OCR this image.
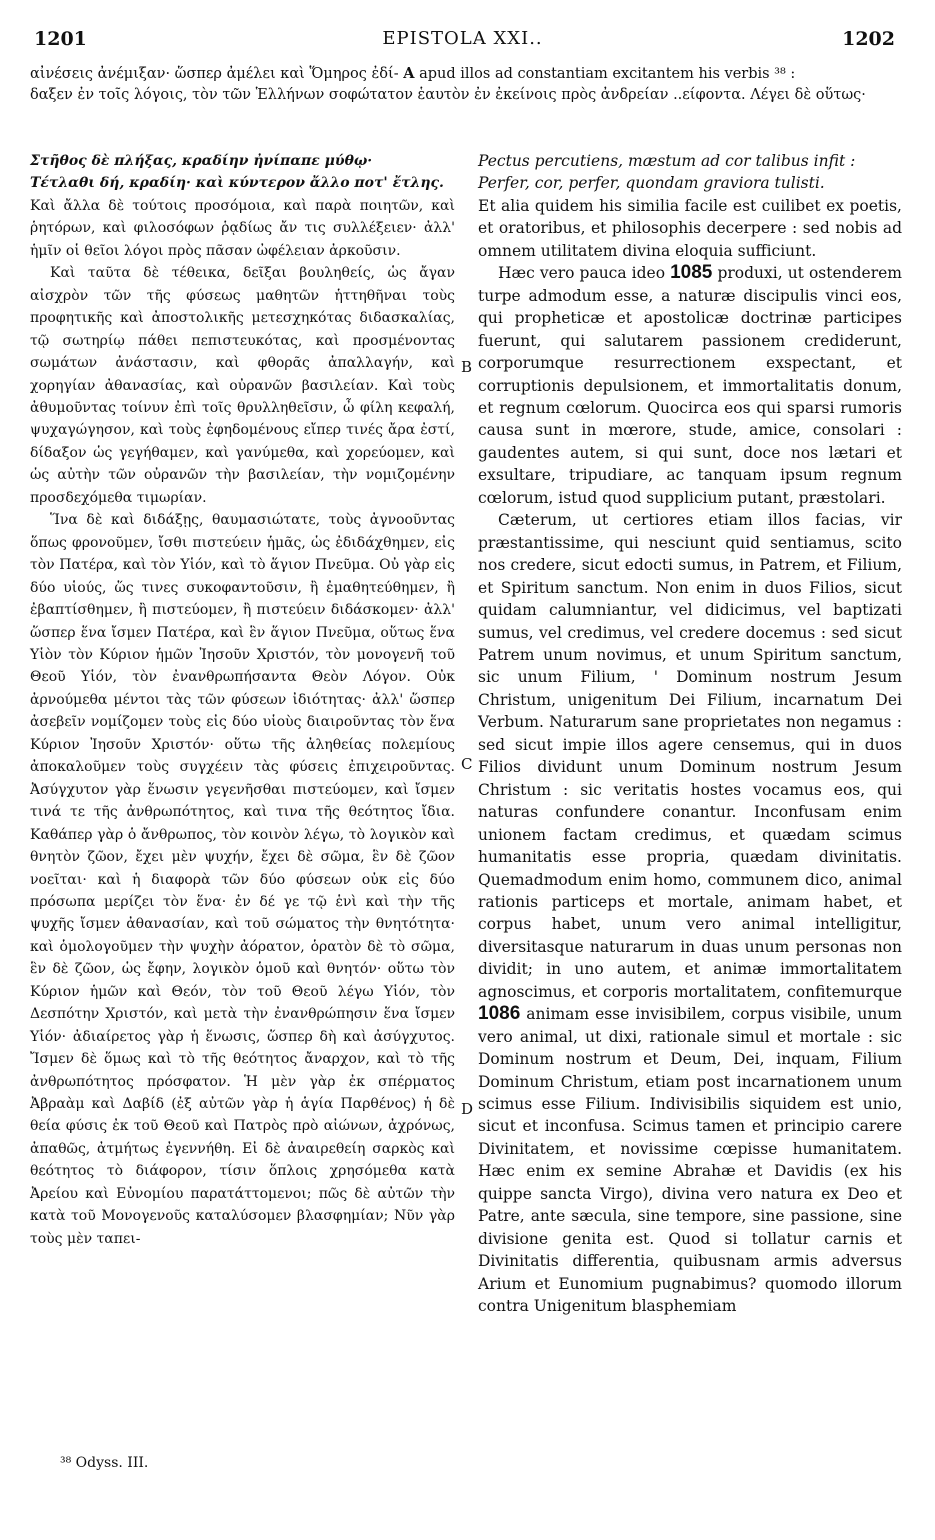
1201	EPISTOLA XXI..	1202
αἰνέσεις ἀνέμιξαν· ὥσπερ ἀμέλει καὶ Ὅμηρος ἐδί- A apud illos ad constantiam excitantem his verbis ³⁸ :
δαξεν ἐν τοῖς λόγοις, τὸν τῶν Ἑλλήνων σοφώτατον ἑαυτὸν ἐν ἐκείνοις πρὸς ἀνδρείαν ..είφοντα. Λέγει δὲ οὕτως·

Στῆθος δὲ πλήξας, κραδίην ἠνίπαπε μύθῳ·

Τέτλαθι δή, κραδίη· καὶ κύντερον ἄλλο ποτ' ἔτλης.

Καὶ ἄλλα δὲ τούτοις προσόμοια, καὶ παρὰ ποιητῶν, καὶ ῥητόρων, καὶ φιλοσόφων ῥᾳδίως ἄν τις συλλέξειεν· ἀλλ' ἡμῖν οἱ θεῖοι λόγοι πρὸς πᾶσαν ὠφέλειαν ἀρκοῦσιν.

Καὶ ταῦτα δὲ τέθεικα, δεῖξαι βουληθείς, ὡς ἄγαν αἰσχρὸν τῶν τῆς φύσεως μαθητῶν ἡττηθῆναι τοὺς προφητικῆς καὶ ἀποστολικῆς μετεσχηκότας διδασκαλίας, τῷ σωτηρίῳ πάθει πεπιστευκότας, καὶ προσμένοντας σωμάτων ἀνάστασιν, καὶ φθορᾶς ἀπαλλαγήν, καὶ χορηγίαν ἀθανασίας, καὶ οὐρανῶν βασιλείαν. Καὶ τοὺς ἀθυμοῦντας τοίνυν ἐπὶ τοῖς θρυλληθεῖσιν, ὦ φίλη κεφαλή, ψυχαγώγησον, καὶ τοὺς ἐφηδομένους εἴπερ τινές ἄρα ἐστί, δίδαξον ὡς γεγήθαμεν, καὶ γανύμεθα, καὶ χορεύομεν, καὶ ὡς αὐτὴν τῶν οὐρανῶν τὴν βασιλείαν, τὴν νομιζομένην προσδεχόμεθα τιμωρίαν.

Ἵνα δὲ καὶ διδάξῃς, θαυμασιώτατε, τοὺς ἀγνοοῦντας ὅπως φρονοῦμεν, ἴσθι πιστεύειν ἡμᾶς, ὡς ἐδιδάχθημεν, εἰς τὸν Πατέρα, καὶ τὸν Υἱόν, καὶ τὸ ἅγιον Πνεῦμα. Οὐ γὰρ εἰς δύο υἱούς, ὥς τινες συκοφαντοῦσιν, ἢ ἐμαθητεύθημεν, ἢ ἐβαπτίσθημεν, ἢ πιστεύομεν, ἢ πιστεύειν διδάσκομεν· ἀλλ' ὥσπερ ἕνα ἴσμεν Πατέρα, καὶ ἓν ἅγιον Πνεῦμα, οὕτως ἕνα Υἱὸν τὸν Κύριον ἡμῶν Ἰησοῦν Χριστόν, τὸν μονογενῆ τοῦ Θεοῦ Υἱόν, τὸν ἐνανθρωπήσαντα Θεὸν Λόγον. Οὐκ ἀρνούμεθα μέντοι τὰς τῶν φύσεων ἰδιότητας· ἀλλ' ὥσπερ ἀσεβεῖν νομίζομεν τοὺς εἰς δύο υἱοὺς διαιροῦντας τὸν ἕνα Κύριον Ἰησοῦν Χριστόν· οὕτω τῆς ἀληθείας πολεμίους ἀποκαλοῦμεν τοὺς συγχέειν τὰς φύσεις ἐπιχειροῦντας. Ἀσύγχυτον γὰρ ἕνωσιν γεγενῆσθαι πιστεύομεν, καὶ ἴσμεν τινά τε τῆς ἀνθρωπότητος, καὶ τινα τῆς θεότητος ἴδια. Καθάπερ γὰρ ὁ ἄνθρωπος, τὸν κοινὸν λέγω, τὸ λογικὸν καὶ θνητὸν ζῶον, ἔχει μὲν ψυχήν, ἔχει δὲ σῶμα, ἓν δὲ ζῶον νοεῖται· καὶ ἡ διαφορὰ τῶν δύο φύσεων οὐκ εἰς δύο πρόσωπα μερίζει τὸν ἕνα· ἐν δέ γε τῷ ἑνὶ καὶ τὴν τῆς ψυχῆς ἴσμεν ἀθανασίαν, καὶ τοῦ σώματος τὴν θνητότητα· καὶ ὁμολογοῦμεν τὴν ψυχὴν ἀόρατον, ὁρατὸν δὲ τὸ σῶμα, ἓν δὲ ζῶον, ὡς ἔφην, λογικὸν ὁμοῦ καὶ θνητόν· οὕτω τὸν Κύριον ἡμῶν καὶ Θεόν, τὸν τοῦ Θεοῦ λέγω Υἱόν, τὸν Δεσπότην Χριστόν, καὶ μετὰ τὴν ἐνανθρώπησιν ἕνα ἴσμεν Υἱόν· ἀδιαίρετος γὰρ ἡ ἕνωσις, ὥσπερ δὴ καὶ ἀσύγχυτος. Ἴσμεν δὲ ὅμως καὶ τὸ τῆς θεότητος ἄναρχον, καὶ τὸ τῆς ἀνθρωπότητος πρόσφατον. Ἡ μὲν γὰρ ἐκ σπέρματος Ἀβραὰμ καὶ Δαβίδ (ἐξ αὐτῶν γὰρ ἡ ἁγία Παρθένος) ἡ δὲ θεία φύσις ἐκ τοῦ Θεοῦ καὶ Πατρὸς πρὸ αἰώνων, ἀχρόνως, ἀπαθῶς, ἀτμήτως ἐγεννήθη. Εἰ δὲ ἀναιρεθείη σαρκὸς καὶ θεότητος τὸ διάφορον, τίσιν ὅπλοις χρησόμεθα κατὰ Ἀρείου καὶ Εὐνομίου παρατάττομενοι; πῶς δὲ αὐτῶν τὴν κατὰ τοῦ Μονογενοῦς καταλύσομεν βλασφημίαν; Νῦν γὰρ τοὺς μὲν ταπει-

B
C
D

Pectus percutiens, mæstum ad cor talibus infit :

Perfer, cor, perfer, quondam graviora tulisti.

Et alia quidem his similia facile est cuilibet ex poetis, et oratoribus, et philosophis decerpere : sed nobis ad omnem utilitatem divina eloquia sufficiunt.

Hæc vero pauca ideo 1085 produxi, ut ostenderem turpe admodum esse, a naturæ discipulis vinci eos, qui propheticæ et apostolicæ doctrinæ participes fuerunt, qui salutarem passionem crediderunt, corporumque resurrectionem exspectant, et corruptionis depulsionem, et immortalitatis donum, et regnum cœlorum. Quocirca eos qui sparsi rumoris causa sunt in mœrore, stude, amice, consolari : gaudentes autem, si qui sunt, doce nos lætari et exsultare, tripudiare, ac tanquam ipsum regnum cœlorum, istud quod supplicium putant, præstolari.

Cæterum, ut certiores etiam illos facias, vir præstantissime, qui nesciunt quid sentiamus, scito nos credere, sicut edocti sumus, in Patrem, et Filium, et Spiritum sanctum. Non enim in duos Filios, sicut quidam calumniantur, vel didicimus, vel baptizati sumus, vel credimus, vel credere docemus : sed sicut Patrem unum novimus, et unum Spiritum sanctum, sic unum Filium, ' Dominum nostrum Jesum Christum, unigenitum Dei Filium, incarnatum Dei Verbum. Naturarum sane proprietates non negamus : sed sicut impie illos agere censemus, qui in duos Filios dividunt unum Dominum nostrum Jesum Christum : sic veritatis hostes vocamus eos, qui naturas confundere conantur. Inconfusam enim unionem factam credimus, et quædam scimus humanitatis esse propria, quædam divinitatis. Quemadmodum enim homo, communem dico, animal rationis particeps et mortale, animam habet, et corpus habet, unum vero animal intelligitur, diversitasque naturarum in duas unum personas non dividit; in uno autem, et animæ immortalitatem agnoscimus, et corporis mortalitatem, confitemurque 1086 animam esse invisibilem, corpus visibile, unum vero animal, ut dixi, rationale simul et mortale : sic Dominum nostrum et Deum, Dei, inquam, Filium Dominum Christum, etiam post incarnationem unum scimus esse Filium. Indivisibilis siquidem est unio, sicut et inconfusa. Scimus tamen et principio carere Divinitatem, et novissime cœpisse humanitatem. Hæc enim ex semine Abrahæ et Davidis (ex his quippe sancta Virgo), divina vero natura ex Deo et Patre, ante sæcula, sine tempore, sine passione, sine divisione genita est. Quod si tollatur carnis et Divinitatis differentia, quibusnam armis adversus Arium et Eunomium pugnabimus? quomodo illorum contra Unigenitum blasphemiam

³⁸ Odyss. III.
